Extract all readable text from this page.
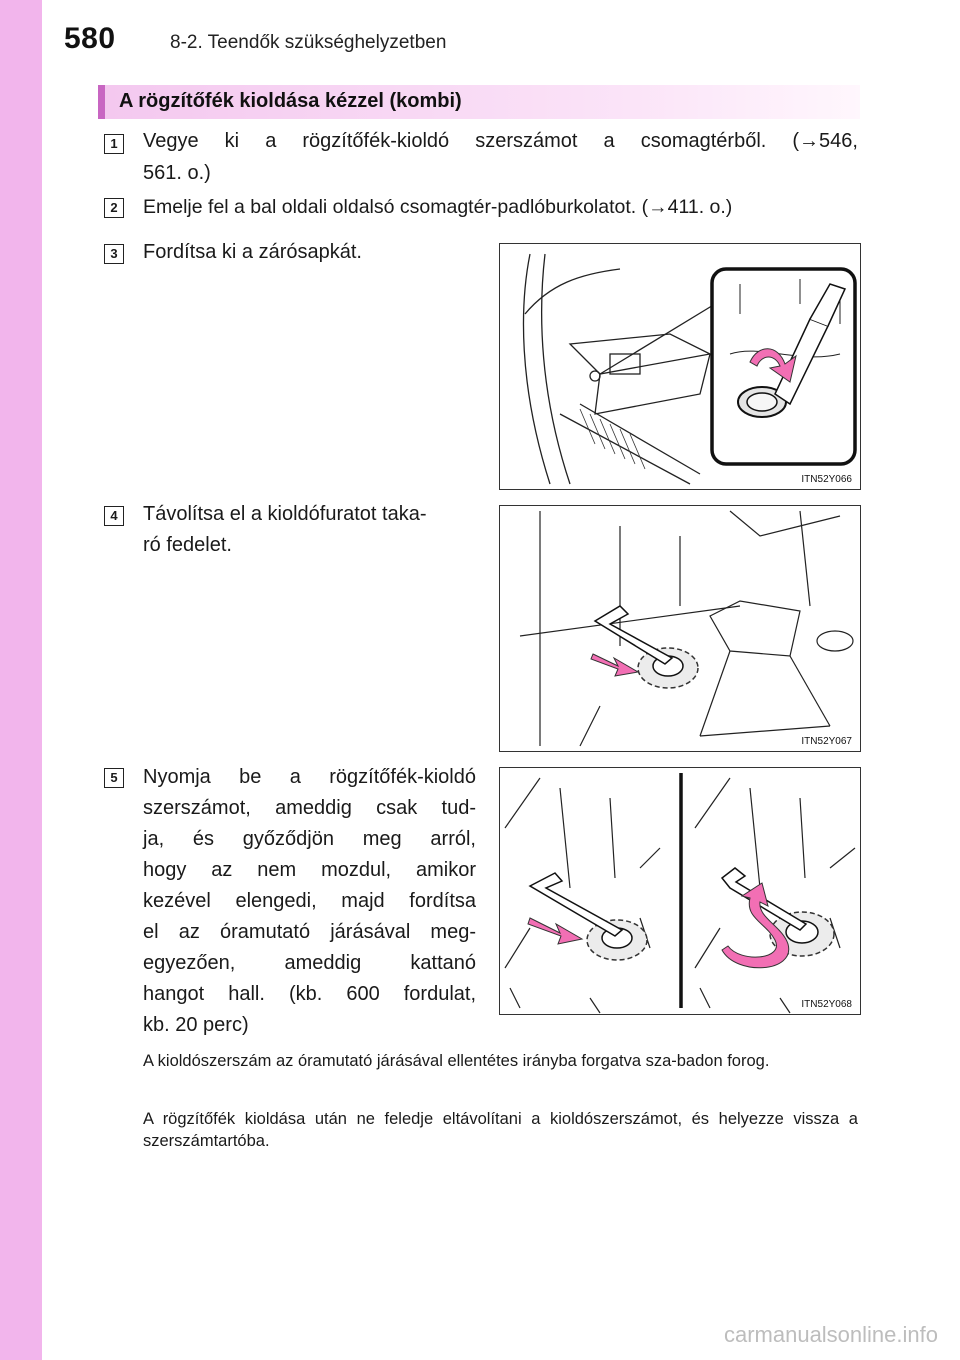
580	8-2. Teendők szükséghelyzetben
A rögzítőfék kioldása kézzel (kombi)
1	Vegye ki a rögzítőfék-kioldó szerszámot a csomagtérből. (→546,
561. o.)
2	Emelje fel a bal oldali oldalsó csomagtér-padlóburkolatot. (→411. o.)
3	Fordítsa ki a zárósapkát.
ITN52Y066
4	Távolítsa el a kioldófuratot taka-
ró fedelet.
ITN52Y067
5	Nyomja be a rögzítőfék-kioldó
szerszámot, ameddig csak tud-
ja, és győződjön meg arról,
hogy az nem mozdul, amikor
kezével elengedi, majd fordítsa
el az óramutató járásával meg-
egyezően, ameddig kattanó
hangot hall. (kb. 600 fordulat,
kb. 20 perc)
ITN52Y068
A kioldószerszám az óramutató járásával ellentétes irányba forgatva sza-badon forog.
A rögzítőfék kioldása után ne feledje eltávolítani a kioldószerszámot, és helyezze vissza a szerszámtartóba.
carmanualsonline.info
